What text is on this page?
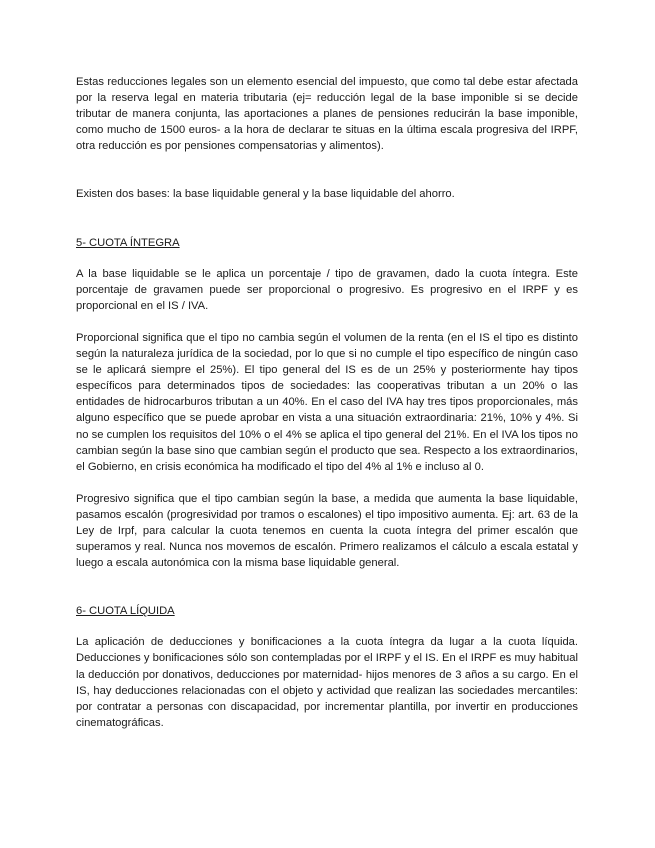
Estas reducciones legales son un elemento esencial del impuesto, que como tal debe estar afectada por la reserva legal en materia tributaria (ej= reducción legal de la base imponible si se decide tributar de manera conjunta, las aportaciones a planes de pensiones reducirán la base imponible, como mucho de 1500 euros- a la hora de declarar te situas en la última escala progresiva del IRPF, otra reducción es por pensiones compensatorias y alimentos).

Existen dos bases: la base liquidable general y la base liquidable del ahorro.

5- CUOTA ÍNTEGRA

A la base liquidable se le aplica un porcentaje / tipo de gravamen, dado la cuota íntegra. Este porcentaje de gravamen puede ser proporcional o progresivo. Es progresivo en el IRPF y es proporcional en el IS / IVA.

Proporcional significa que el tipo no cambia según el volumen de la renta (en el IS el tipo es distinto según la naturaleza jurídica de la sociedad, por lo que si no cumple el tipo específico de ningún caso se le aplicará siempre el 25%). El tipo general del IS es de un 25% y posteriormente hay tipos específicos para determinados tipos de sociedades: las cooperativas tributan a un 20% o las entidades de hidrocarburos tributan a un 40%. En el caso del IVA hay tres tipos proporcionales, más alguno específico que se puede aprobar en vista a una situación extraordinaria: 21%, 10% y 4%. Si no se cumplen los requisitos del 10% o el 4% se aplica el tipo general del 21%. En el IVA los tipos no cambian según la base sino que cambian según el producto que sea. Respecto a los extraordinarios, el Gobierno, en crisis económica ha modificado el tipo del 4% al 1% e incluso al 0.

Progresivo significa que el tipo cambian según la base, a medida que aumenta la base liquidable, pasamos escalón (progresividad por tramos o escalones) el tipo impositivo aumenta. Ej: art. 63 de la Ley de Irpf, para calcular la cuota tenemos en cuenta la cuota íntegra del primer escalón que superamos y real. Nunca nos movemos de escalón. Primero realizamos el cálculo a escala estatal y luego a escala autonómica con la misma base liquidable general.

6- CUOTA LÍQUIDA

La aplicación de deducciones y bonificaciones a la cuota íntegra da lugar a la cuota líquida. Deducciones y bonificaciones sólo son contempladas por el IRPF y el IS. En el IRPF es muy habitual la deducción por donativos, deducciones por maternidad- hijos menores de 3 años a su cargo. En el IS, hay deducciones relacionadas con el objeto y actividad que realizan las sociedades mercantiles: por contratar a personas con discapacidad, por incrementar plantilla, por invertir en producciones cinematográficas.
